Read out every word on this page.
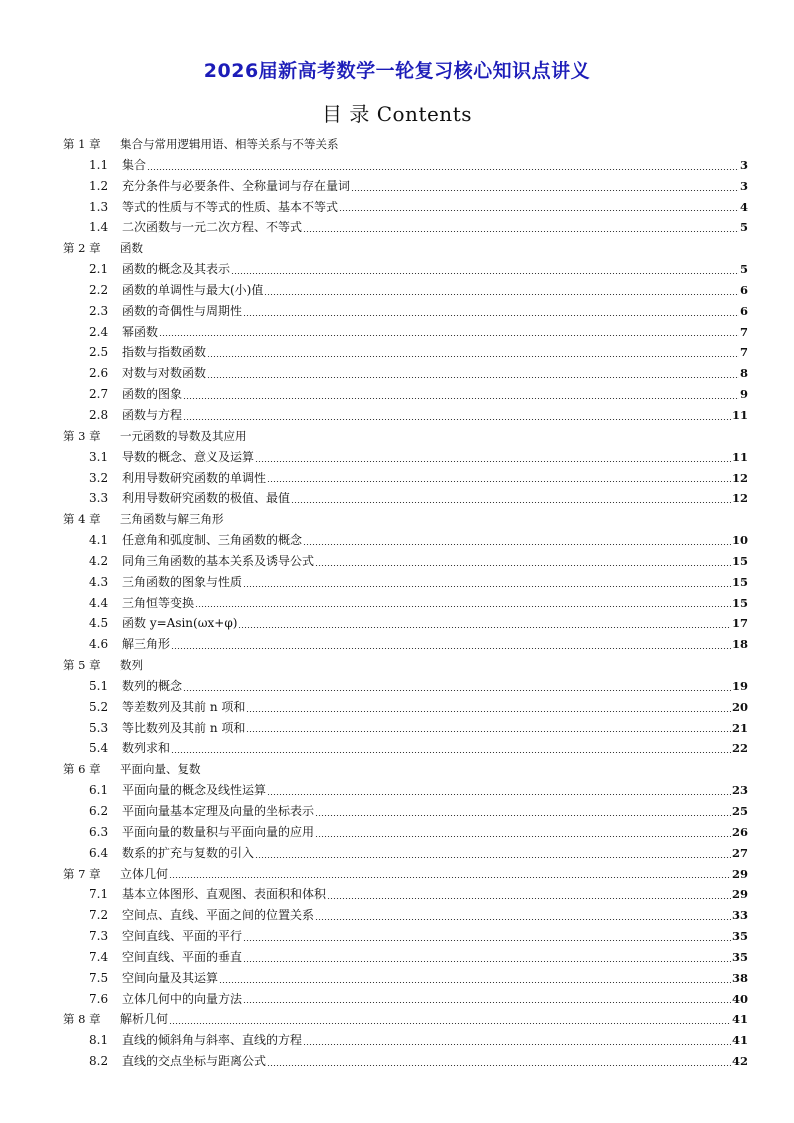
2026届新高考数学一轮复习核心知识点讲义
目 录 Contents
第 1 章 集合与常用逻辑用语、相等关系与不等关系
1.1 集合	3
1.2 充分条件与必要条件、全称量词与存在量词	3
1.3 等式的性质与不等式的性质、基本不等式	4
1.4 二次函数与一元二次方程、不等式	5
第 2 章 函数
2.1 函数的概念及其表示	5
2.2 函数的单调性与最大(小)值	6
2.3 函数的奇偶性与周期性	6
2.4 幂函数	7
2.5 指数与指数函数	7
2.6 对数与对数函数	8
2.7 函数的图象	9
2.8 函数与方程	11
第 3 章 一元函数的导数及其应用
3.1 导数的概念、意义及运算	11
3.2 利用导数研究函数的单调性	12
3.3 利用导数研究函数的极值、最值	12
第 4 章 三角函数与解三角形
4.1 任意角和弧度制、三角函数的概念	10
4.2 同角三角函数的基本关系及诱导公式	15
4.3 三角函数的图象与性质	15
4.4 三角恒等变换	15
4.5 函数 y=Asin(ωx+φ)	17
4.6 解三角形	18
第 5 章 数列
5.1 数列的概念	19
5.2 等差数列及其前 n 项和	20
5.3 等比数列及其前 n 项和	21
5.4 数列求和	22
第 6 章 平面向量、复数
6.1 平面向量的概念及线性运算	23
6.2 平面向量基本定理及向量的坐标表示	25
6.3 平面向量的数量积与平面向量的应用	26
6.4 数系的扩充与复数的引入	27
第 7 章 立体几何	29
7.1 基本立体图形、直观图、表面积和体积	29
7.2 空间点、直线、平面之间的位置关系	33
7.3 空间直线、平面的平行	35
7.4 空间直线、平面的垂直	35
7.5 空间向量及其运算	38
7.6 立体几何中的向量方法	40
第 8 章 解析几何	41
8.1 直线的倾斜角与斜率、直线的方程	41
8.2 直线的交点坐标与距离公式	42
